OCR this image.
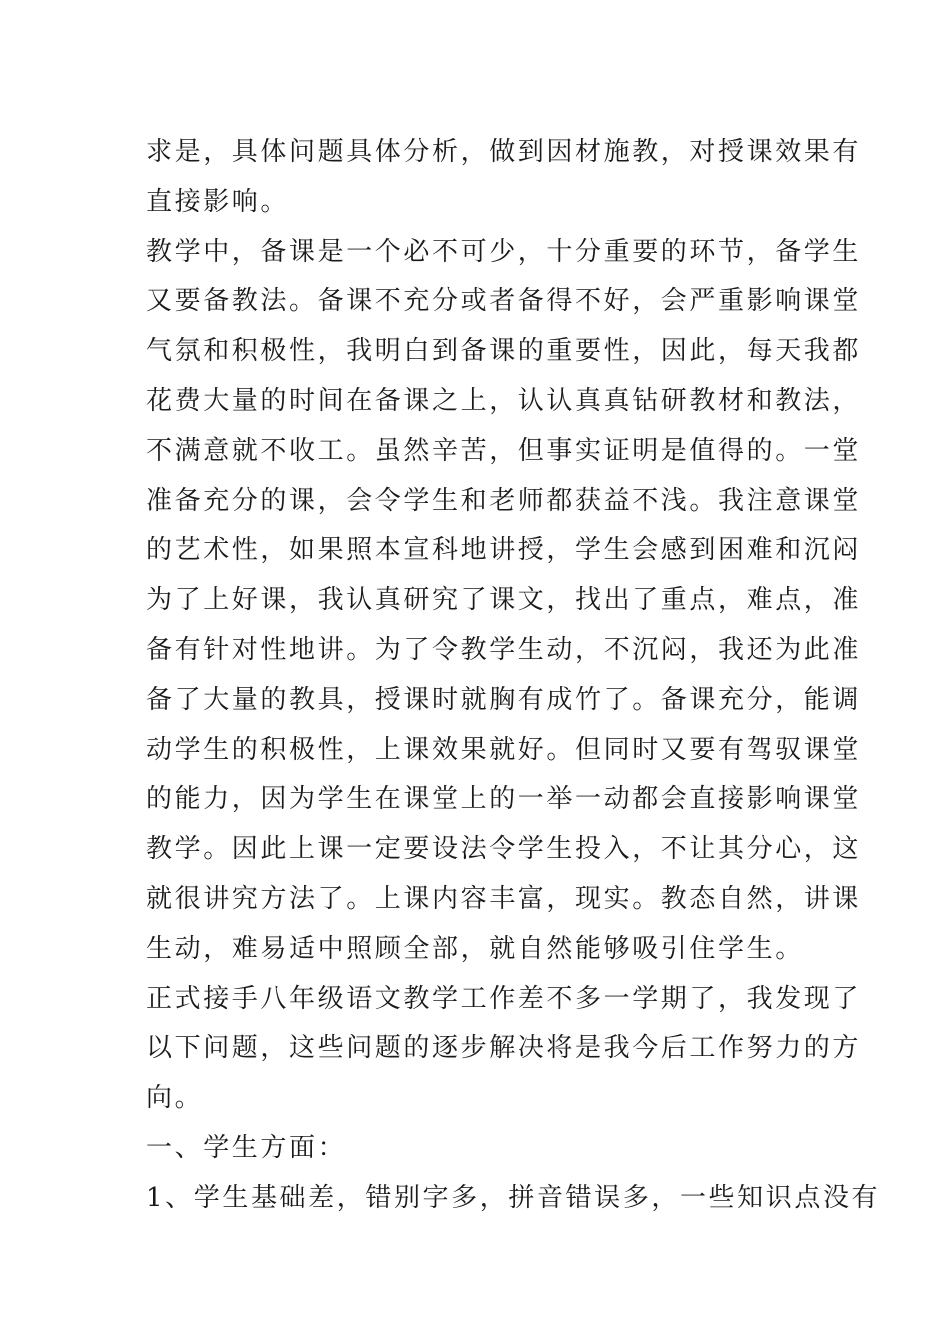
求是，具体问题具体分析，做到因材施教，对授课效果有
直接影响。
教学中，备课是一个必不可少，十分重要的环节，备学生
又要备教法。备课不充分或者备得不好，会严重影响课堂
气氛和积极性，我明白到备课的重要性，因此，每天我都
花费大量的时间在备课之上，认认真真钻研教材和教法，
不满意就不收工。虽然辛苦，但事实证明是值得的。一堂
准备充分的课，会令学生和老师都获益不浅。我注意课堂
的艺术性，如果照本宣科地讲授，学生会感到困难和沉闷
为了上好课，我认真研究了课文，找出了重点，难点，准
备有针对性地讲。为了令教学生动，不沉闷，我还为此准
备了大量的教具，授课时就胸有成竹了。备课充分，能调
动学生的积极性，上课效果就好。但同时又要有驾驭课堂
的能力，因为学生在课堂上的一举一动都会直接影响课堂
教学。因此上课一定要设法令学生投入，不让其分心，这
就很讲究方法了。上课内容丰富，现实。教态自然，讲课
生动，难易适中照顾全部，就自然能够吸引住学生。
正式接手八年级语文教学工作差不多一学期了，我发现了
以下问题，这些问题的逐步解决将是我今后工作努力的方
向。
一、学生方面：
1、学生基础差，错别字多，拼音错误多，一些知识点没有
